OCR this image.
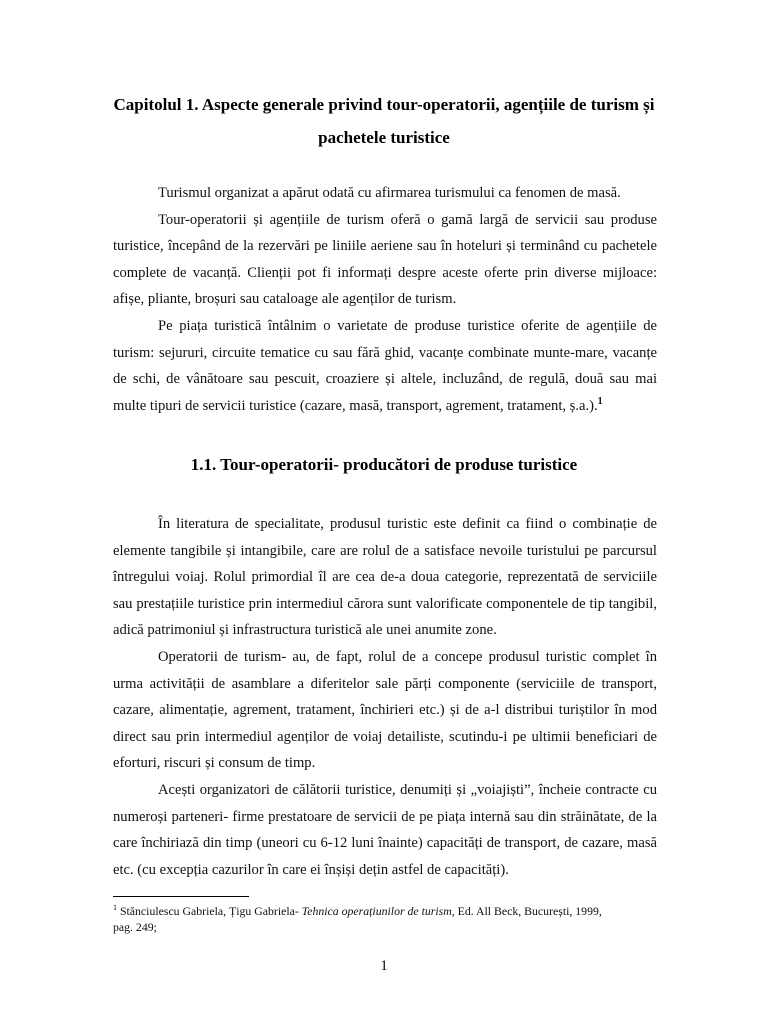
Capitolul 1. Aspecte generale privind tour-operatorii, agențiile de turism și pachetele turistice

Turismul organizat a apărut odată cu afirmarea turismului ca fenomen de masă.

Tour-operatorii și agențiile de turism oferă o gamă largă de servicii sau produse turistice, începând de la rezervări pe liniile aeriene sau în hoteluri și terminând cu pachetele complete de vacanță. Clienții pot fi informați despre aceste oferte prin diverse mijloace: afișe, pliante, broșuri sau cataloage ale agenților de turism.

Pe piața turistică întâlnim o varietate de produse turistice oferite de agențiile de turism: sejururi, circuite tematice cu sau fără ghid, vacanțe combinate munte-mare, vacanțe de schi, de vânătoare sau pescuit, croaziere și altele, incluzând, de regulă, două sau mai multe tipuri de servicii turistice (cazare, masă, transport, agrement, tratament, ș.a.).$^1$

1.1. Tour-operatorii- producători de produse turistice

În literatura de specialitate, produsul turistic este definit ca fiind o combinație de elemente tangibile și intangibile, care are rolul de a satisface nevoile turistului pe parcursul întregului voiaj. Rolul primordial îl are cea de-a doua categorie, reprezentată de serviciile sau prestațiile turistice prin intermediul cărora sunt valorificate componentele de tip tangibil, adică patrimoniul și infrastructura turistică ale unei anumite zone.

Operatorii de turism- au, de fapt, rolul de a concepe produsul turistic complet în urma activității de asamblare a diferitelor sale părți componente (serviciile de transport, cazare, alimentație, agrement, tratament, închirieri etc.) și de a-l distribui turiștilor în mod direct sau prin intermediul agenților de voiaj detailiste, scutindu-i pe ultimii beneficiari de eforturi, riscuri și consum de timp.

Acești organizatori de călătorii turistice, denumiți și „voiajiști”, încheie contracte cu numeroși parteneri- firme prestatoare de servicii de pe piața internă sau din străinătate, de la care închiriază din timp (uneori cu 6-12 luni înainte) capacități de transport, de cazare, masă etc. (cu excepția cazurilor în care ei înșiși dețin astfel de capacități).

$^1$ Stănciulescu Gabriela, Țigu Gabriela- Tehnica operațiunilor de turism, Ed. All Beck, București, 1999,
pag. 249;
1
